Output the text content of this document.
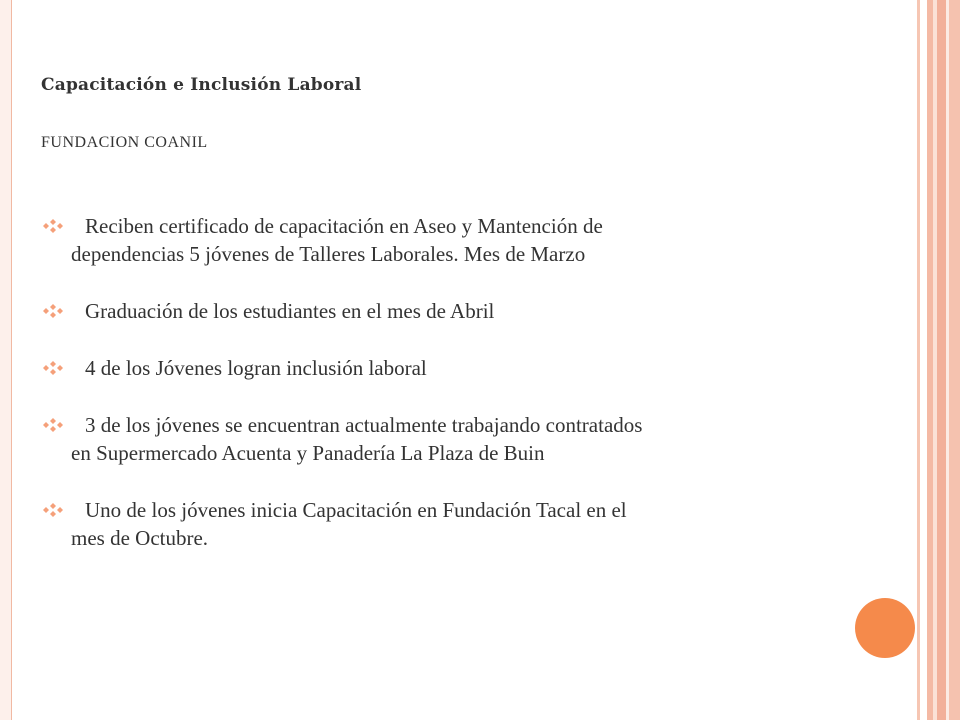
Capacitación e Inclusión Laboral
FUNDACION COANIL
Reciben certificado de capacitación en Aseo y Mantención de
dependencias 5 jóvenes de Talleres Laborales. Mes de Marzo
Graduación de los estudiantes en el mes de Abril
4 de los Jóvenes logran inclusión laboral
3 de los jóvenes se encuentran actualmente trabajando contratados
en Supermercado Acuenta y Panadería La Plaza de Buin
Uno de los jóvenes inicia Capacitación en Fundación Tacal en el
mes de Octubre.
